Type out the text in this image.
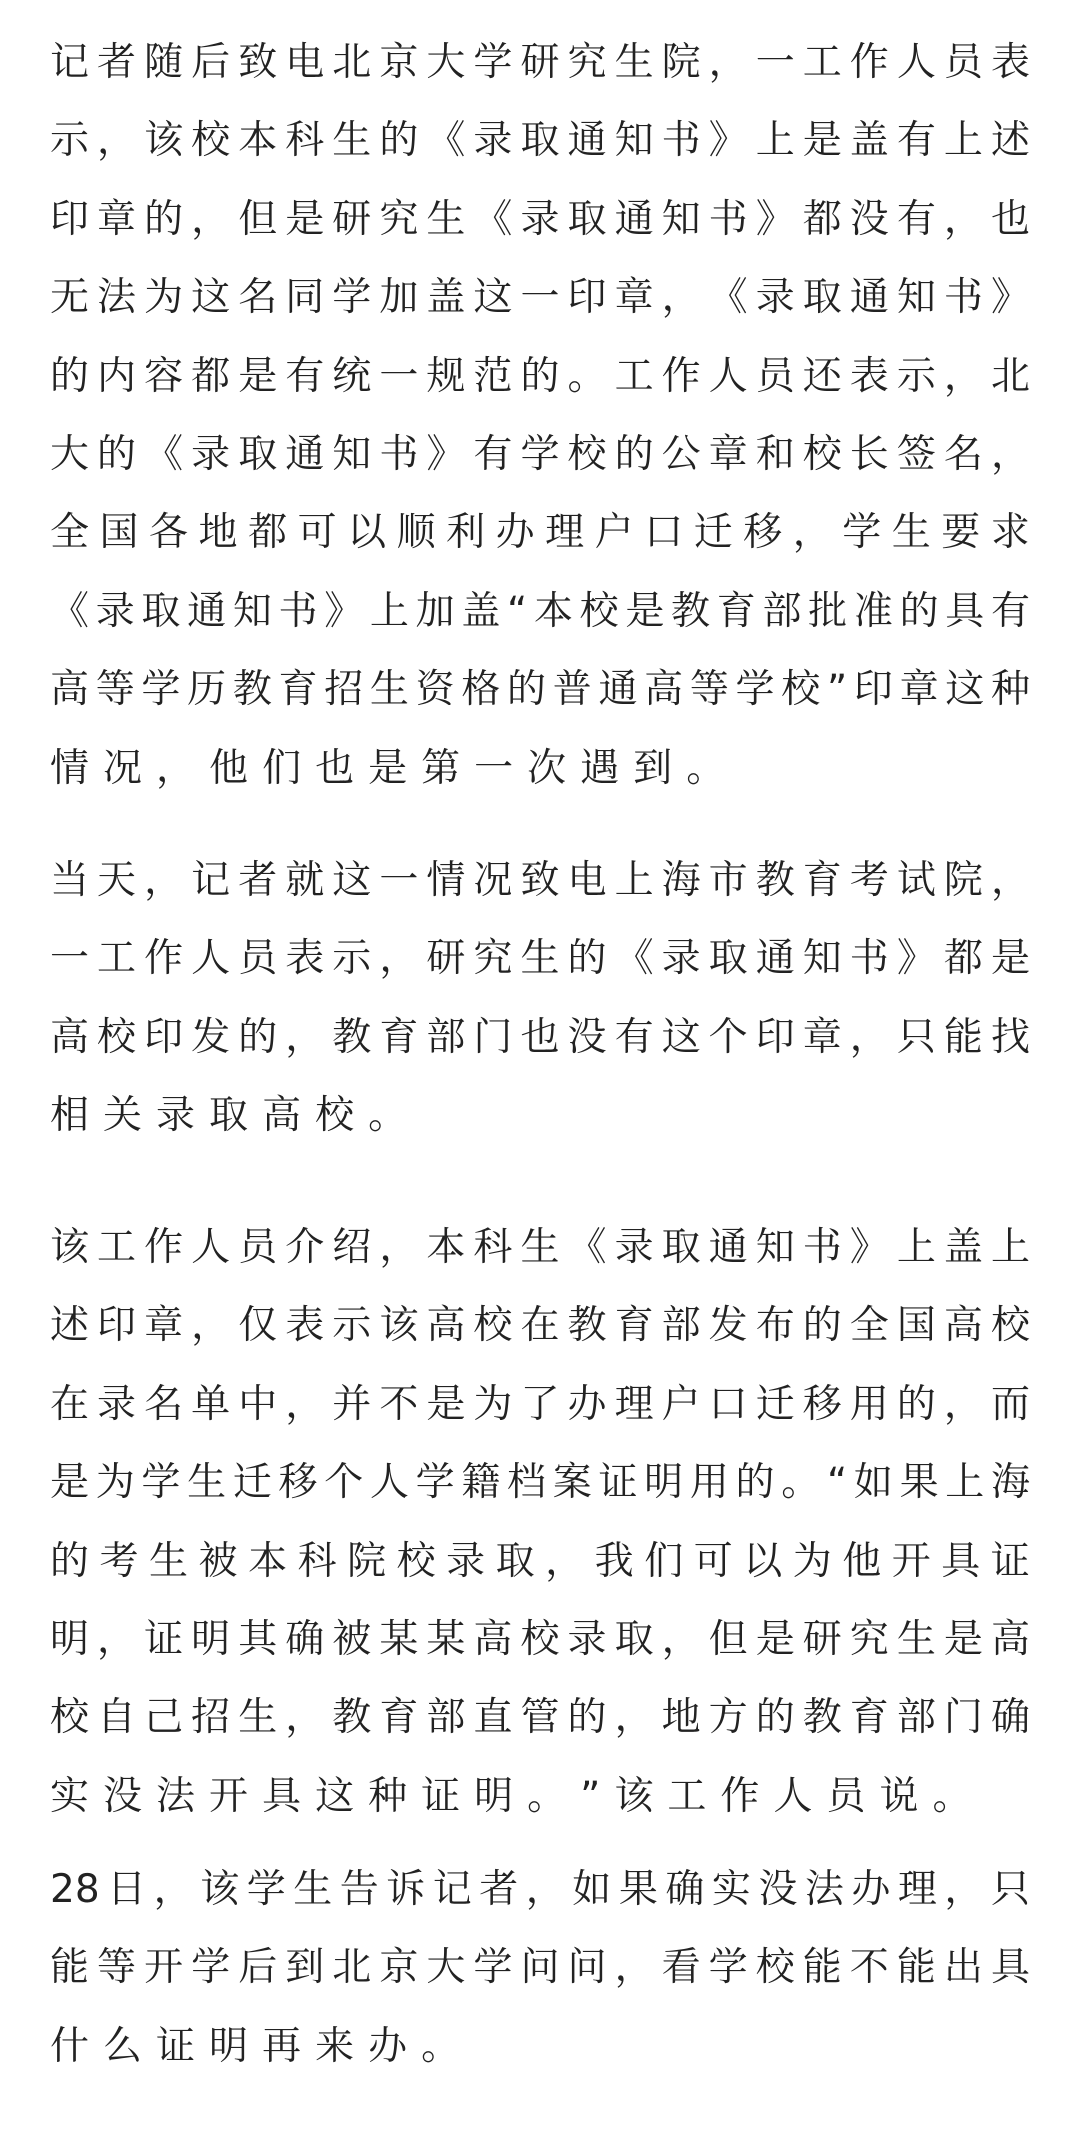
记 者 随 后 致 电 北 京 大 学 研 究 生 院 ， 一 工 作 人 员 表
示 ， 该 校 本 科 生 的 《 录 取 通 知 书 》 上 是 盖 有 上 述
印 章 的 ， 但 是 研 究 生 《 录 取 通 知 书 》 都 没 有 ， 也
无 法 为 这 名 同 学 加 盖 这 一 印 章 ， 《 录 取 通 知 书 》
的 内 容 都 是 有 统 一 规 范 的 。 工 作 人 员 还 表 示 ， 北
大 的 《 录 取 通 知 书 》 有 学 校 的 公 章 和 校 长 签 名 ，
全 国 各 地 都 可 以 顺 利 办 理 户 口 迁 移 ， 学 生 要 求
《 录 取 通 知 书 》 上 加 盖 “ 本 校 是 教 育 部 批 准 的 具 有
高 等 学 历 教 育 招 生 资 格 的 普 通 高 等 学 校 ” 印 章 这 种
情 况 ， 他 们 也 是 第 一 次 遇 到 。
当 天 ， 记 者 就 这 一 情 况 致 电 上 海 市 教 育 考 试 院 ，
一 工 作 人 员 表 示 ， 研 究 生 的 《 录 取 通 知 书 》 都 是
高 校 印 发 的 ， 教 育 部 门 也 没 有 这 个 印 章 ， 只 能 找
相 关 录 取 高 校 。
该 工 作 人 员 介 绍 ， 本 科 生 《 录 取 通 知 书 》 上 盖 上
述 印 章 ， 仅 表 示 该 高 校 在 教 育 部 发 布 的 全 国 高 校
在 录 名 单 中 ， 并 不 是 为 了 办 理 户 口 迁 移 用 的 ， 而
是 为 学 生 迁 移 个 人 学 籍 档 案 证 明 用 的 。 “ 如 果 上 海
的 考 生 被 本 科 院 校 录 取 ， 我 们 可 以 为 他 开 具 证
明 ， 证 明 其 确 被 某 某 高 校 录 取 ， 但 是 研 究 生 是 高
校 自 己 招 生 ， 教 育 部 直 管 的 ， 地 方 的 教 育 部 门 确
实 没 法 开 具 这 种 证 明 。 ” 该 工 作 人 员 说 。
28 日 ， 该 学 生 告 诉 记 者 ， 如 果 确 实 没 法 办 理 ， 只
能 等 开 学 后 到 北 京 大 学 问 问 ， 看 学 校 能 不 能 出 具
什 么 证 明 再 来 办 。
